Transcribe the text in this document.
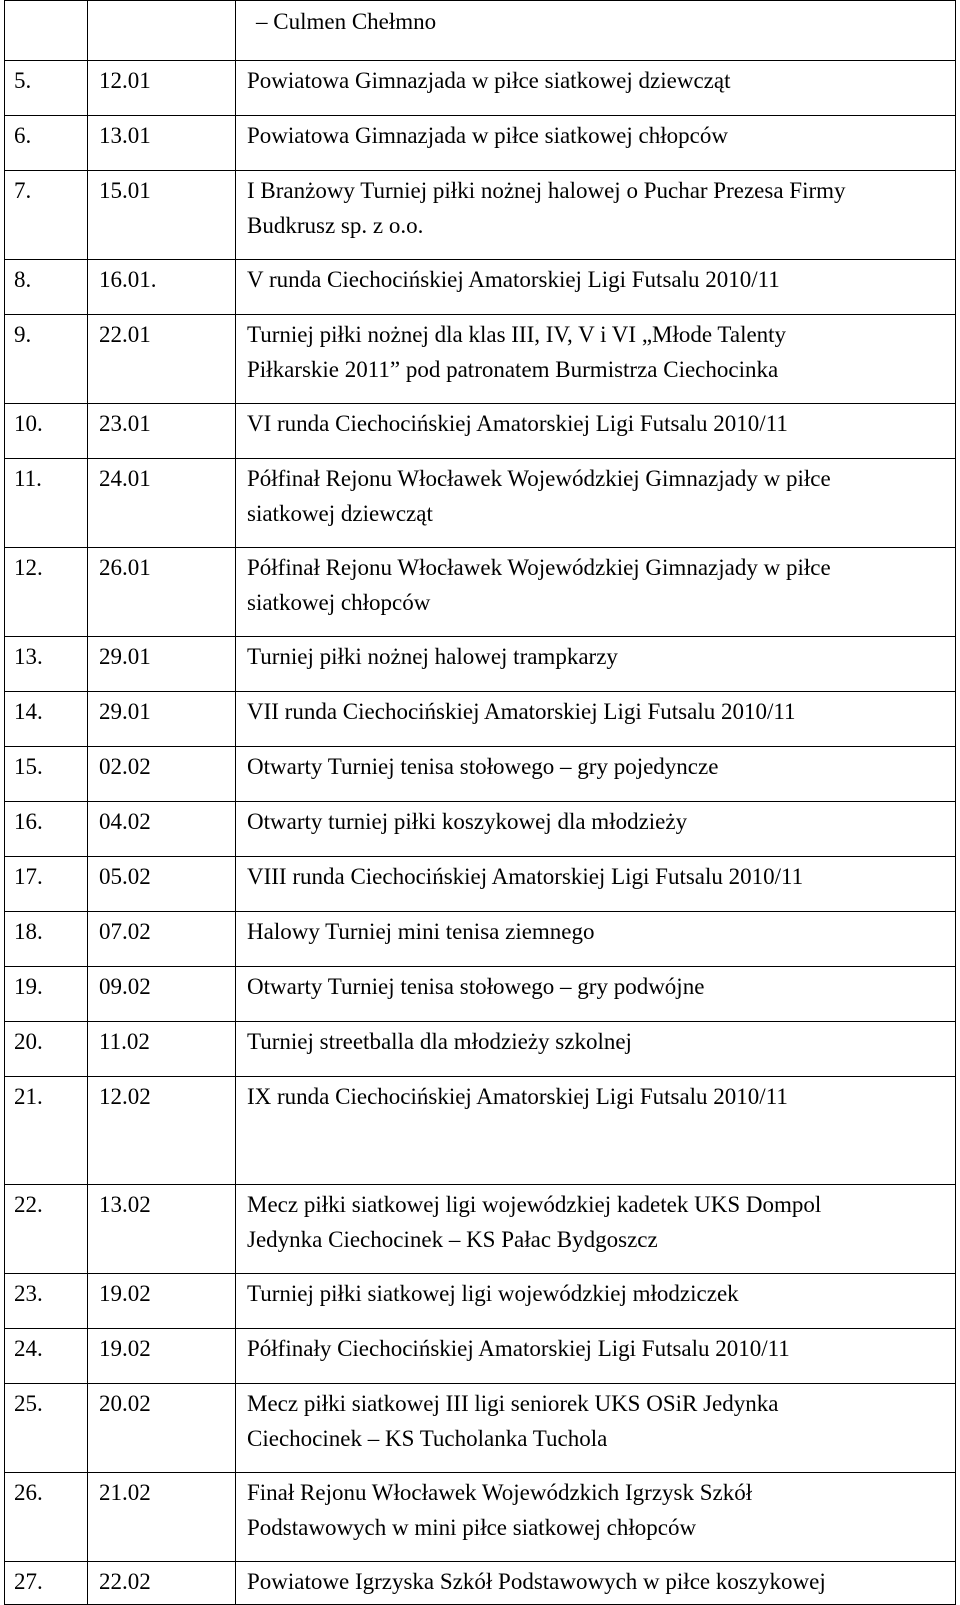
		– Culmen Chełmno

5.	12.01	Powiatowa Gimnazjada w piłce siatkowej dziewcząt

6.	13.01	Powiatowa Gimnazjada w piłce siatkowej chłopców

7.	15.01	I Branżowy Turniej piłki nożnej halowej o Puchar Prezesa Firmy
Budkrusz sp. z o.o.

8.	16.01.	V runda Ciechocińskiej Amatorskiej Ligi Futsalu 2010/11

9.	22.01	Turniej piłki nożnej dla klas III, IV, V i VI „Młode Talenty
Piłkarskie 2011” pod patronatem Burmistrza Ciechocinka

10.	23.01	VI runda Ciechocińskiej Amatorskiej Ligi Futsalu 2010/11

11.	24.01	Półfinał Rejonu Włocławek Wojewódzkiej Gimnazjady w piłce
siatkowej dziewcząt

12.	26.01	Półfinał Rejonu Włocławek Wojewódzkiej Gimnazjady w piłce
siatkowej chłopców

13.	29.01	Turniej piłki nożnej halowej trampkarzy

14.	29.01	VII runda Ciechocińskiej Amatorskiej Ligi Futsalu 2010/11

15.	02.02	Otwarty Turniej tenisa stołowego – gry pojedyncze

16.	04.02	Otwarty turniej piłki koszykowej dla młodzieży

17.	05.02	VIII runda Ciechocińskiej Amatorskiej Ligi Futsalu 2010/11

18.	07.02	Halowy Turniej mini tenisa ziemnego

19.	09.02	Otwarty Turniej tenisa stołowego – gry podwójne

20.	11.02	Turniej streetballa dla młodzieży szkolnej

21.	12.02	IX runda Ciechocińskiej Amatorskiej Ligi Futsalu 2010/11

22.	13.02	Mecz piłki siatkowej ligi wojewódzkiej kadetek UKS Dompol
Jedynka Ciechocinek – KS Pałac Bydgoszcz

23.	19.02	Turniej piłki siatkowej ligi wojewódzkiej młodziczek

24.	19.02	Półfinały Ciechocińskiej Amatorskiej Ligi Futsalu 2010/11

25.	20.02	Mecz piłki siatkowej III ligi seniorek UKS OSiR Jedynka
Ciechocinek – KS Tucholanka Tuchola

26.	21.02	Finał Rejonu Włocławek Wojewódzkich Igrzysk Szkół
Podstawowych w mini piłce siatkowej chłopców

27.	22.02	Powiatowe Igrzyska Szkół Podstawowych w piłce koszykowej
